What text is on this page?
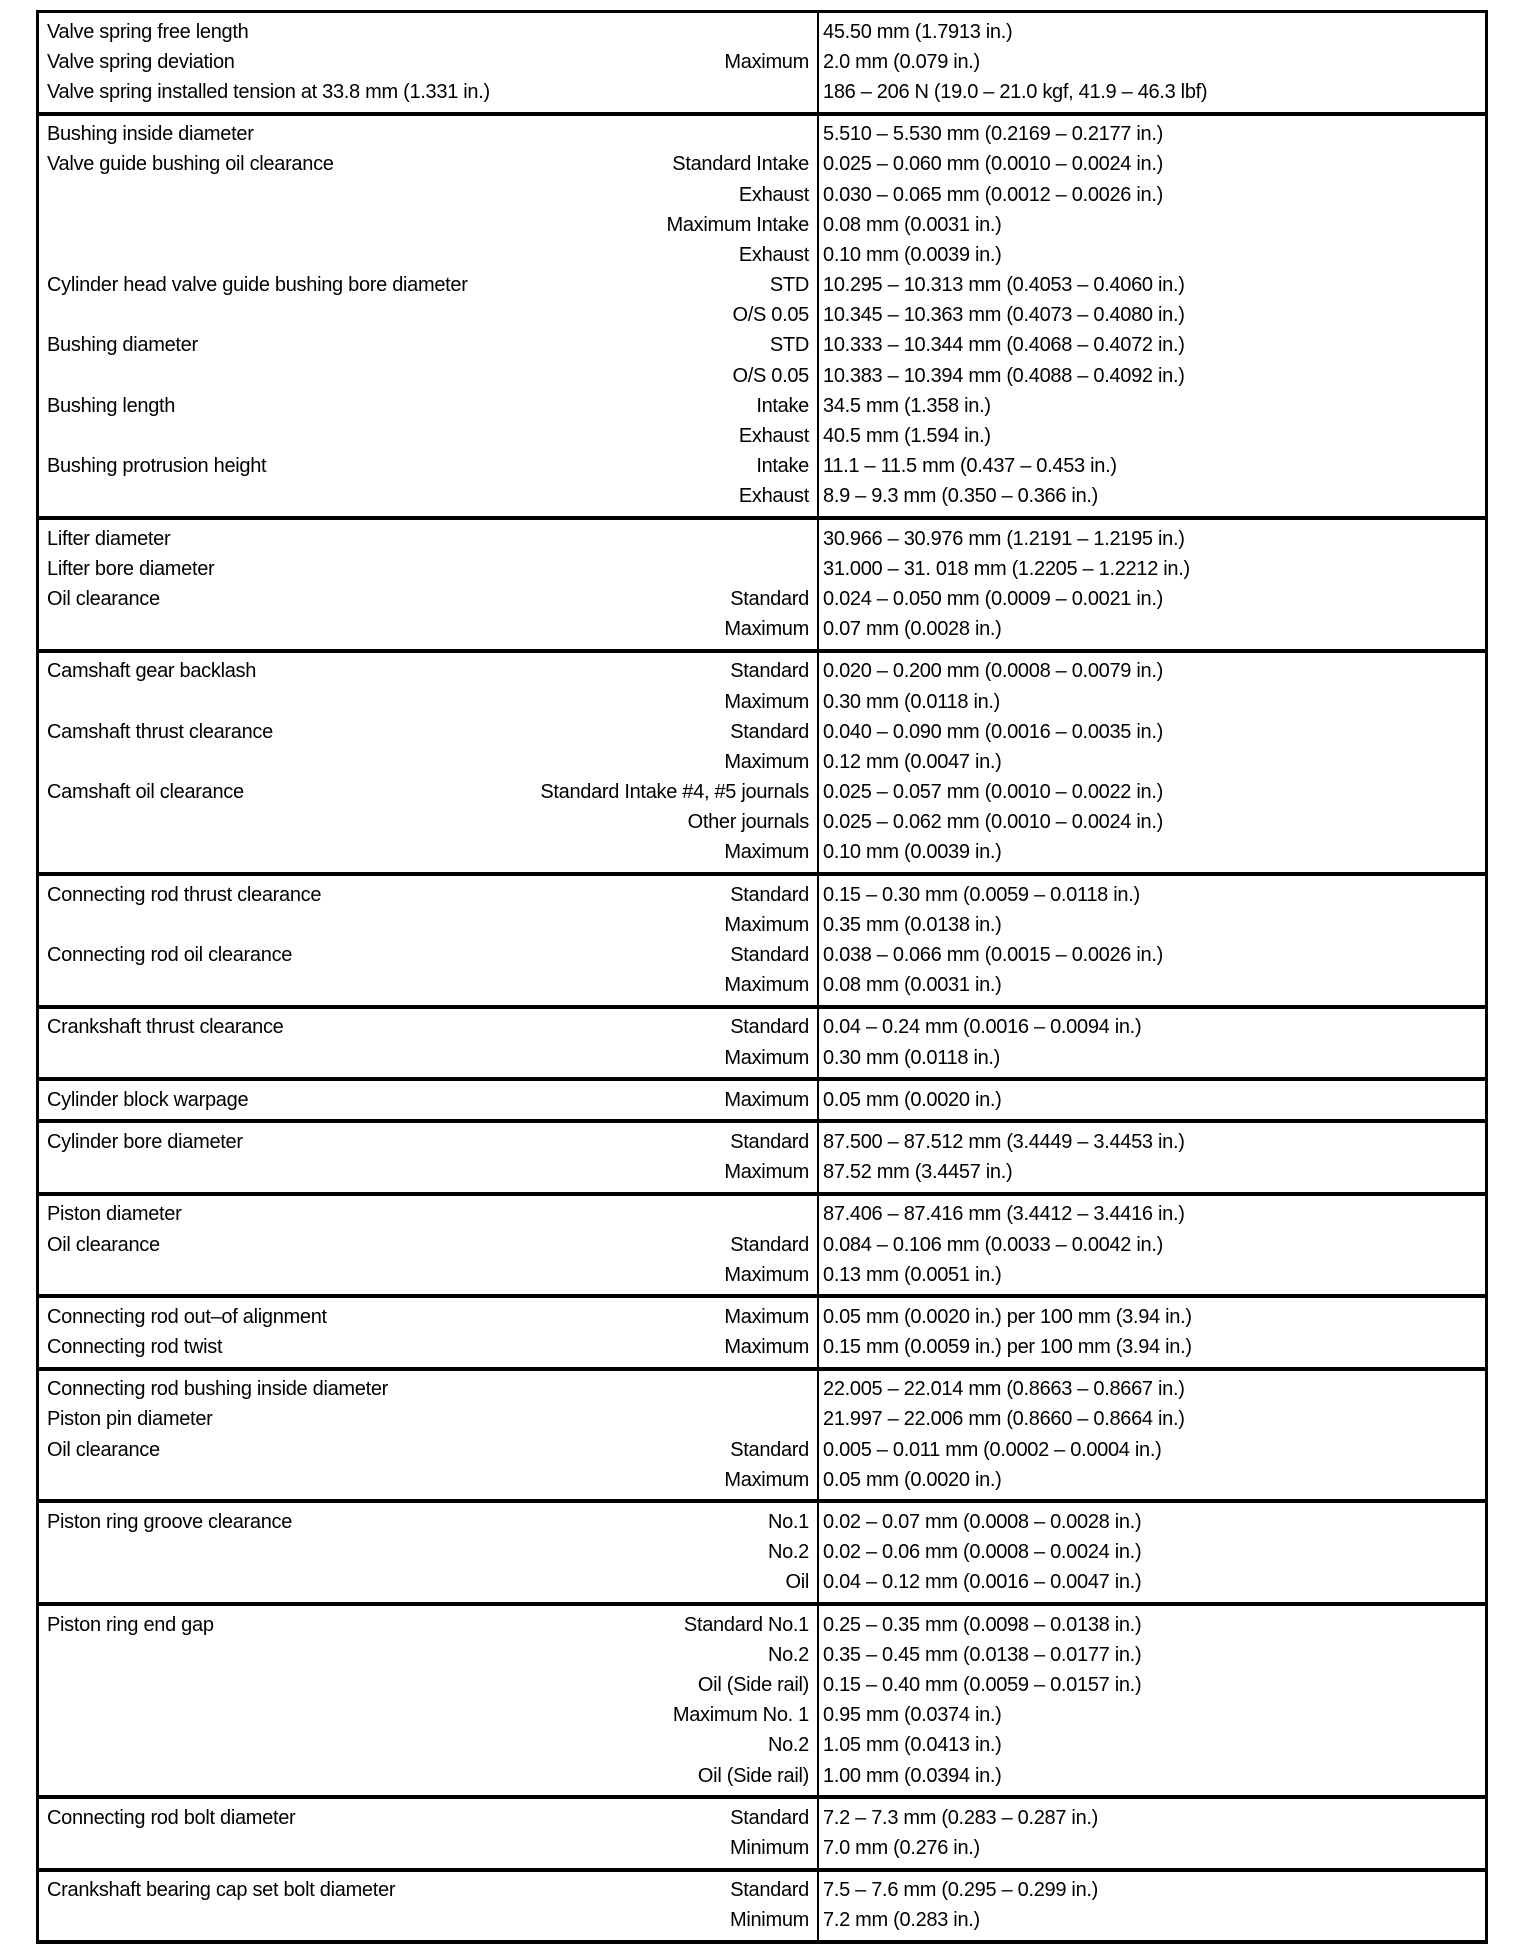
Valve spring free length	45.50 mm (1.7913 in.)
Valve spring deviation	Maximum 2.0 mm (0.079 in.)
Valve spring installed tension at 33.8 mm (1.331 in.)	186 – 206 N (19.0 – 21.0 kgf, 41.9 – 46.3 lbf)
Bushing inside diameter	5.510 – 5.530 mm (0.2169 – 0.2177 in.)
Valve guide bushing oil clearance	Standard Intake 0.025 – 0.060 mm (0.0010 – 0.0024 in.)
Exhaust 0.030 – 0.065 mm (0.0012 – 0.0026 in.)
Maximum Intake 0.08 mm (0.0031 in.)
Exhaust 0.10 mm (0.0039 in.)
Cylinder head valve guide bushing bore diameter	STD 10.295 – 10.313 mm (0.4053 – 0.4060 in.)
O/S 0.05 10.345 – 10.363 mm (0.4073 – 0.4080 in.)
Bushing diameter	STD 10.333 – 10.344 mm (0.4068 – 0.4072 in.)
O/S 0.05 10.383 – 10.394 mm (0.4088 – 0.4092 in.)
Bushing length	Intake 34.5 mm (1.358 in.)
Exhaust 40.5 mm (1.594 in.)
Bushing protrusion height	Intake 11.1 – 11.5 mm (0.437 – 0.453 in.)
Exhaust 8.9 – 9.3 mm (0.350 – 0.366 in.)
Lifter diameter	30.966 – 30.976 mm (1.2191 – 1.2195 in.)
Lifter bore diameter	31.000 – 31. 018 mm (1.2205 – 1.2212 in.)
Oil clearance	Standard 0.024 – 0.050 mm (0.0009 – 0.0021 in.)
Maximum 0.07 mm (0.0028 in.)
Camshaft gear backlash	Standard 0.020 – 0.200 mm (0.0008 – 0.0079 in.)
Maximum 0.30 mm (0.0118 in.)
Camshaft thrust clearance	Standard 0.040 – 0.090 mm (0.0016 – 0.0035 in.)
Maximum 0.12 mm (0.0047 in.)
Camshaft oil clearance	Standard Intake #4, #5 journals 0.025 – 0.057 mm (0.0010 – 0.0022 in.)
Other journals 0.025 – 0.062 mm (0.0010 – 0.0024 in.)
Maximum 0.10 mm (0.0039 in.)
Connecting rod thrust clearance	Standard 0.15 – 0.30 mm (0.0059 – 0.0118 in.)
Maximum 0.35 mm (0.0138 in.)
Connecting rod oil clearance	Standard 0.038 – 0.066 mm (0.0015 – 0.0026 in.)
Maximum 0.08 mm (0.0031 in.)
Crankshaft thrust clearance	Standard 0.04 – 0.24 mm (0.0016 – 0.0094 in.)
Maximum 0.30 mm (0.0118 in.)
Cylinder block warpage	Maximum 0.05 mm (0.0020 in.)
Cylinder bore diameter	Standard 87.500 – 87.512 mm (3.4449 – 3.4453 in.)
Maximum 87.52 mm (3.4457 in.)
Piston diameter	87.406 – 87.416 mm (3.4412 – 3.4416 in.)
Oil clearance	Standard 0.084 – 0.106 mm (0.0033 – 0.0042 in.)
Maximum 0.13 mm (0.0051 in.)
Connecting rod out–of alignment	Maximum 0.05 mm (0.0020 in.) per 100 mm (3.94 in.)
Connecting rod twist	Maximum 0.15 mm (0.0059 in.) per 100 mm (3.94 in.)
Connecting rod bushing inside diameter	22.005 – 22.014 mm (0.8663 – 0.8667 in.)
Piston pin diameter	21.997 – 22.006 mm (0.8660 – 0.8664 in.)
Oil clearance	Standard 0.005 – 0.011 mm (0.0002 – 0.0004 in.)
Maximum 0.05 mm (0.0020 in.)
Piston ring groove clearance	No.1 0.02 – 0.07 mm (0.0008 – 0.0028 in.)
No.2 0.02 – 0.06 mm (0.0008 – 0.0024 in.)
Oil 0.04 – 0.12 mm (0.0016 – 0.0047 in.)
Piston ring end gap	Standard No.1 0.25 – 0.35 mm (0.0098 – 0.0138 in.)
No.2 0.35 – 0.45 mm (0.0138 – 0.0177 in.)
Oil (Side rail) 0.15 – 0.40 mm (0.0059 – 0.0157 in.)
Maximum No. 1 0.95 mm (0.0374 in.)
No.2 1.05 mm (0.0413 in.)
Oil (Side rail) 1.00 mm (0.0394 in.)
Connecting rod bolt diameter	Standard 7.2 – 7.3 mm (0.283 – 0.287 in.)
Minimum 7.0 mm (0.276 in.)
Crankshaft bearing cap set bolt diameter	Standard 7.5 – 7.6 mm (0.295 – 0.299 in.)
Minimum 7.2 mm (0.283 in.)
